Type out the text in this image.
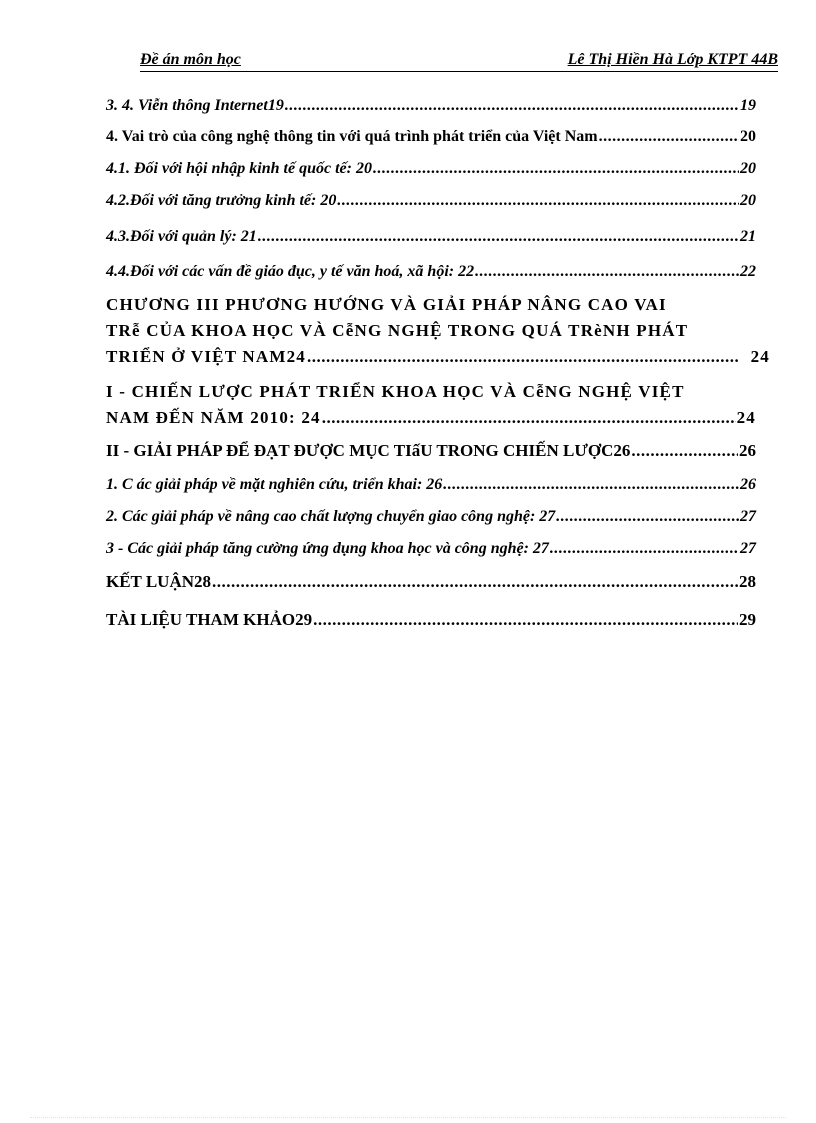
Đề án môn học	Lê Thị Hiền Hà Lớp KTPT 44B
3. 4. Viễn thông Internet19 .....	19
4. Vai trò của công nghệ thông tin với quá trình phát triển của Việt Nam .....	20
4.1. Đối với hội nhập kinh tế quốc tế: 20 .....	20
4.2.Đối với tăng trưởng kinh tế: 20 .....	20
4.3.Đối với quản lý: 21 .....	21
4.4.Đối với các vấn đề giáo đục, y tế văn hoá, xã hội: 22 .....	22
CHƯƠNG III PHƯƠNG HƯỚNG VÀ GIẢI PHÁP NÂNG CAO VAI
TRễ CỦA KHOA HỌC VÀ CễNG NGHỆ TRONG QUÁ TRèNH PHÁT
TRIỂN Ở VIỆT NAM24 .....	24
I - CHIẾN LƯỢC PHÁT TRIỂN KHOA HỌC VÀ CễNG NGHỆ VIỆT
NAM ĐẾN NĂM 2010: 24 .....	24
II - GIẢI PHÁP ĐỂ ĐẠT ĐƯỢC MỤC TIấU TRONG CHIẾN LƯỢC26 .....	26
1. C ác giải pháp về mặt nghiên cứu, triển khai: 26 .....	26
2. Các giải pháp về nâng cao chất lượng chuyển giao công nghệ: 27 .....	27
3 - Các giải pháp tăng cường ứng dụng khoa học và công nghệ: 27 .....	27
KẾT LUẬN28 .....	28
TÀI LIỆU THAM KHẢO29 .....	29
